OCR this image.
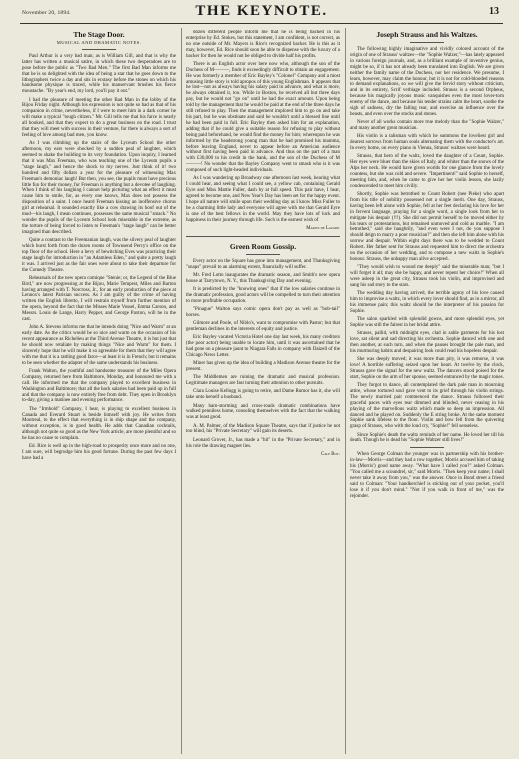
November 20, 1894.	THE KEYNOTE.	13
The Stage Door.
MUSICAL AND DRAMATIC NOTES.

Paul Arthur is a very bad man; as is William Gill, and that is why the latter has written a musical satire, in which these two desperadoes are to pose before the public as "Two Bad Men." The first Bad Man informs me that he is so delighted with the idea of being a star that he goes down to the lithographers twice a day and sits in ecstasy before the stones on which his handsome physique is traced, while his manservant brushes his fierce moustache. "By year's end, my lord, you'll pay it out."

I had the pleasure of meeting the other Bad Man in the lobby of the Bijou Friday night. Although his expression is not quite so bad as that of his companion in crime, nevertheless, if I were to meet him in a dark corner he will make a typical "tough citizen." Mr. Gill tells me that his farce is nearly all booked, and that they expect to do a great business on the road. I trust that they will meet with success in their venture, for there is always a sort of feeling of love among bad men, you know.

As I was climbing up the stairs of the Lyceum School the other afternoon, my ears were shocked by a sudden peal of laughter, which seemed to shake the building to its very foundation. Upon inquiry, I learned that it was Max Freeman, who was teaching one of the Lyceum pupils a "stage laugh," and hence the shock to my nerves. Just think of it! two hundred and fifty dollars a year for the pleasure of witnessing Max Freeman's demoniac laugh! But then, you see, the pupils must have precious little fun for their money, for Freeman is anything but a devotee of laughing. When I think of his laughing I cannot help picturing what an effect it must cause him to smile, for, as every one knows, Max does not possess the disposition of a saint. I once heard Freeman kissing an inoffensive chorus girl at rehearsal. It sounded exactly like a cow drawing its hoof out of the mud—his laugh, I mean continues, possesses the same musical "smack." No wonder the pupils of the Lyceum School look miserable in the extreme, as the torture of being forced to listen to Freeman's "stage laugh" can be better imagined than described.

Quite a contrast to the Freemanian laugh, was the silvery peal of laughter which burst forth from the dozen rooms of Townsend Percy's office on the top floor of the school. Here a bevy of bewitching Eves was practicing their stage laugh for introduction in "an Adamless Eden," and quite a pretty laugh it was. I arrived just as the fair ones were about to take their departure for the Comedy Theatre.

Rehearsals of the new opera comique "Stenie; or, the Legend of the Blue Bird," are now progressing at the Bijou, Marie Tempest, Miles and Barton having arranged with T. Norcross, Jr., for an early production of the piece at Lennox's latest Parisian success. As I am guilty of the crime of having written the English libretto, I will restrain myself from further mention of the opera, beyond the fact that the Misses Marie Vossel, Emma Carson, and Messrs. Louis de Lange, Harry Pepper, and George Paxton, will be in the cast.

John A. Stevens informs me that he intends doing "Nice and Warm" at an early date. As the critics would be so nice and warm on the occasion of his recent appearance as Richelieu at the Third Avenue Theatre, it is but just that he should now retaliate by making things "Nice and Warm" for them. I sincerely hope that he will make it so agreeable for them that they will agree with me that it is a rattling good farce—at least it is in French; but it remains to be seen whether the adapter of the same understands his business.

Frank Walton, the youthful and handsome treasurer of the Miles Opera Company, returned here from Baltimore, Monday, and honoured me with a call. He informed me that the company played to excellent business in Washington and Baltimore; that all the back salaries had been paid up in full and that the company is now entirely free from debt. They open in Brooklyn to-day, giving a matinee and evening performance.

The "Irmbold" Company, I hear, is playing to excellent business in Canada and Everard Stuart is beside himself with joy. He writes from Montreal, to the effect that everything is in ship shape and the company, without exception, is in good health. He adds that Canadian cocktails, although not quite so good as the New York article, are more plentiful and so he has no cause to complain.

Ed. Rice is well up in the high-road to prosperity once more and no one, I am sure, will begrudge him his good fortune. During the past few days I have had a

dozen different people inform me that he is being backed in his enterprise by Ed. Stokes, but this statement, I am confident, is not correct, as no one outside of Mr. Mayers is Rice's recognized backer. He is this as it may, however, Ed. Rice should soon be able to dispense with the luxury of a backer for then he would not be obliged to divide half his profits.

There is an English actor over here now who, although the son of the Duchess of M———, finds it exceedingly difficult to obtain an engagement. He was formerly a member of Eric Bayley's "Colonel" Company and a most amusing little story is told apropos of this young Englishman. It appears that he lost—not as always having his salary paid in advance, and what is more, he always obtained it, too. While in Boston, he received all but three days pay, but he would not "go on" until he had the exact amount. Upon being told by the management that he would be paid at the end of the three days he still refused to play. Then the management implored him to go on and take his part, but he was obstinate and said he wouldn't until a blessed line until he had been paid in full. Eric Bayley then asked him for an explanation, adding that if he could give a suitable reason for refusing to play without being paid beforehand, he would find the money for him; whereupon he was informed by the headstrong young man that he had promised his mamma, before leaving England, never to appear before an American audience without first having been paid in advance. And thus on the part of a man with £30,000 to his credit in the bank, and the son of the Duchess of M———! No wonder that the Bayley Company went to smash who is it was composed of such light-headed individuals.

As I was wandering up Broadway one afternoon last week, hearing what I could hear, and seeing what I could see, a yellow cab, containing Gerald Eyre and Miss Mattie Fuller, dash by at full speed. This pair have, I hear, agreed to become one, and New Year's Day has been set for the happy event. I hope all nature will smile upon their wedding day as I know Miss Fuller to be a charming little lady and everyone will agree with me that Gerald Eyre is one of the best fellows in the world. May they have lots of luck and happiness in their journey through life. Such is the earnest wish of

Marius de Lazare.
Green Room Gossip.

Every actor on the Square has gone into management, and Thanksgiving "snaps" prevail to an alarming extent, financially will suffer.

Mr. Fred Lotto inaugurates the dramatic season, and Smith's new opera house at Tarrytown, N. Y., this Thanksgiving Day and evening.

It is predicted by the "knowing ones" that if the low salaries continue in the dramatic profession, good actors will be compelled to turn their attention to more profitable occupation.

"Pinague" Walton says comic opera don't pay as well as "bob-tail" horses.

Gilmore and Poole, of Niblo's, want to compromise with Pastor; but that gentleman declines in the interests of equity and justice.

Eric Bayley vacated Victoria Hotel one day last week, his many creditors (the poor actor) being unable to locate him, until it was ascertained that he had gone on a pleasure jaunt to Niagara Falls in company with Daizell of the Chicago News Letter.

Miner has given up the idea of building a Madison Avenue theatre for the present.

The Middlemen are ruining the dramatic and musical profession. Legitimate managers are fast turning their attention to other pursuits.

Clara Louise Kellogg is going to retire, and Dame Rumor has it, she will take unto herself a husband.

Many barn-storming and cross-roads dramatic combinations have walked penniless home, consoling themselves with the fact that the walking was at least good.

A. M. Palmer, of the Madison Square Theatre, says that if justice be not too blind, his "Private Secretary" will gain its deserts.

Leonard Grover, Jr., has made a "hit" in the "Private Secretary," and in his role the drawing magnet lies.

Cale Boy.
Joseph Strauss and his Waltzes.

The following highly imaginative and vividly colored account of the origin of one of Strauss' waltzes—the "Sophie Walzer,"—has lately appeared in various foreign journals, and, as a brilliant example of inventive genius, might be so, if it has not already been translated into English. We are given neither the family name of the Duchess, nor her residence. We presume, I learn, however, may claim the honour, but it is not for cold-blooded reasons to demand explanations, so we will give the fervid story without criticism, and in its entirety, Scrif verbiage included. Strauss is a second Orpheus, because his magically joyous music vanquishes even the most lover-torn enemy of the dance, and because his tender strains calm the heart, soothe the sigh of sadness, dry the falling tear, and exercise an influence over the beasts, and even over the stocks and stones.

Never of all works contain more true melody than the "Sophie Walzer," and many another great musician.

His violin is a talisman with which he summons the loveliest girl and dearest sorrows from human souls alternating them with the conductor's art. In every home, on every piano in Vienna, Strauss' waltzes were heard.

Strauss, that hero of the waltz, loved the daughter of a Count, Sophie. Her eyes were bluer than the skies of Italy, and whiter than the snows of the Alps her neck. He would have given worlds for one glance from the lovely countess, but she was cold and severe. "Impertinent!" said Sophie to herself, meeting him, and, when he came to give her her violin lesson, she lazily condescended to meet him civilly.

Shortly, Sophie was betrothed to Count Robert (nee Pieke) who apart from his title of nobility possessed not a single merit. One day, Strauss, having been left alone with Sophie, fell at her feet declaring his love for her in fervent language, praying for a single word, a single look from her to mitigate his despair (!!!). She did not permit herself to be moved either by his tears or protestations, but remained unmoved and cold as marble. "I am betrothed," said she haughtily, "and even were I not, do you suppose I should deign to marry a poor musician?" and then she left him alone with his sorrow and despair. Within eight days there was to be wedded to Count Robert. Her father sent for Strauss and requested him to direct the orchestra on the occasion of her wedding, and to compose a new waltz in Sophie's honour. Strauss, the unhappy man alive accepted.

"They would wish to wound me deeply" said the miserable man; "but I will forget it all; may she be happy, and never repent her choice!" When all were asleep in the great city, Strauss took his violin, and improvised and sang his sad story to the stars.

The wedding day having arrived, the terrible agony of his love caused him to improvise a waltz, in which every lover should find, as in a mirror, all his immense pain; this waltz should be the interpreter of his passion for Sophie.

The salon sparkled with splendid gowns, and more splendid eyes, yet Sophie was still the fairest in her bridal attire.

Strauss, pallid, with midnight eyes, clad in sable garments for his lost love, sat silent and sad directing his orchestra. Sophie danced with one and then another, at such turn, and when the pauses brought the pale man, and his murmuring habits and despairing look could read his hopeless despair.

She was deeply moved; it was more than pity, it was remorse, it was love! A horrible suffering seized upon her heart. At twelve by the clock, Strauss gave the signal for the new waltz. The dancers stood poised for the start, Sophie on the arm of her spouse, seemed entranced by the magic tones.

They forgot to dance, all contemplated the dark pale man in mourning attire, whose tortured soul gave vent to its grief through his violin strings. The newly married pair commenced the dance. Strauss followed their graceful paces with eyes tear dimmed and blinded, never ceasing in his playing of the marvellous waltz which made so deep an impression. All danced and he played on. Suddenly the E string broke. At the same moment Sophie sank lifeless to the floor. Violin and bow fell from the quivering grasp of Strauss, who with the loud cry, "Sophie!" fell senseless.

Since Sophie's death the waltz reminds of her name. He loved her till his death. Though he is dead his "Sophie Waltzer still lives!"

When George Colman the younger was in partnership with his brother-in-law—Morris—and they had a row together, Morris accused him of taking his (Morris') good name away. "What have I called you?" asked Colman. "You called me a scoundrel, sir," said Morris. "Then keep your name; I shall never take it away from you," was the answer. Once in Bond street a friend said to Colman: "Your handkerchief is sticking out of your pocket, you'll lose it if you don't mind." "Not if you walk in front of me," was the rejoinder.
